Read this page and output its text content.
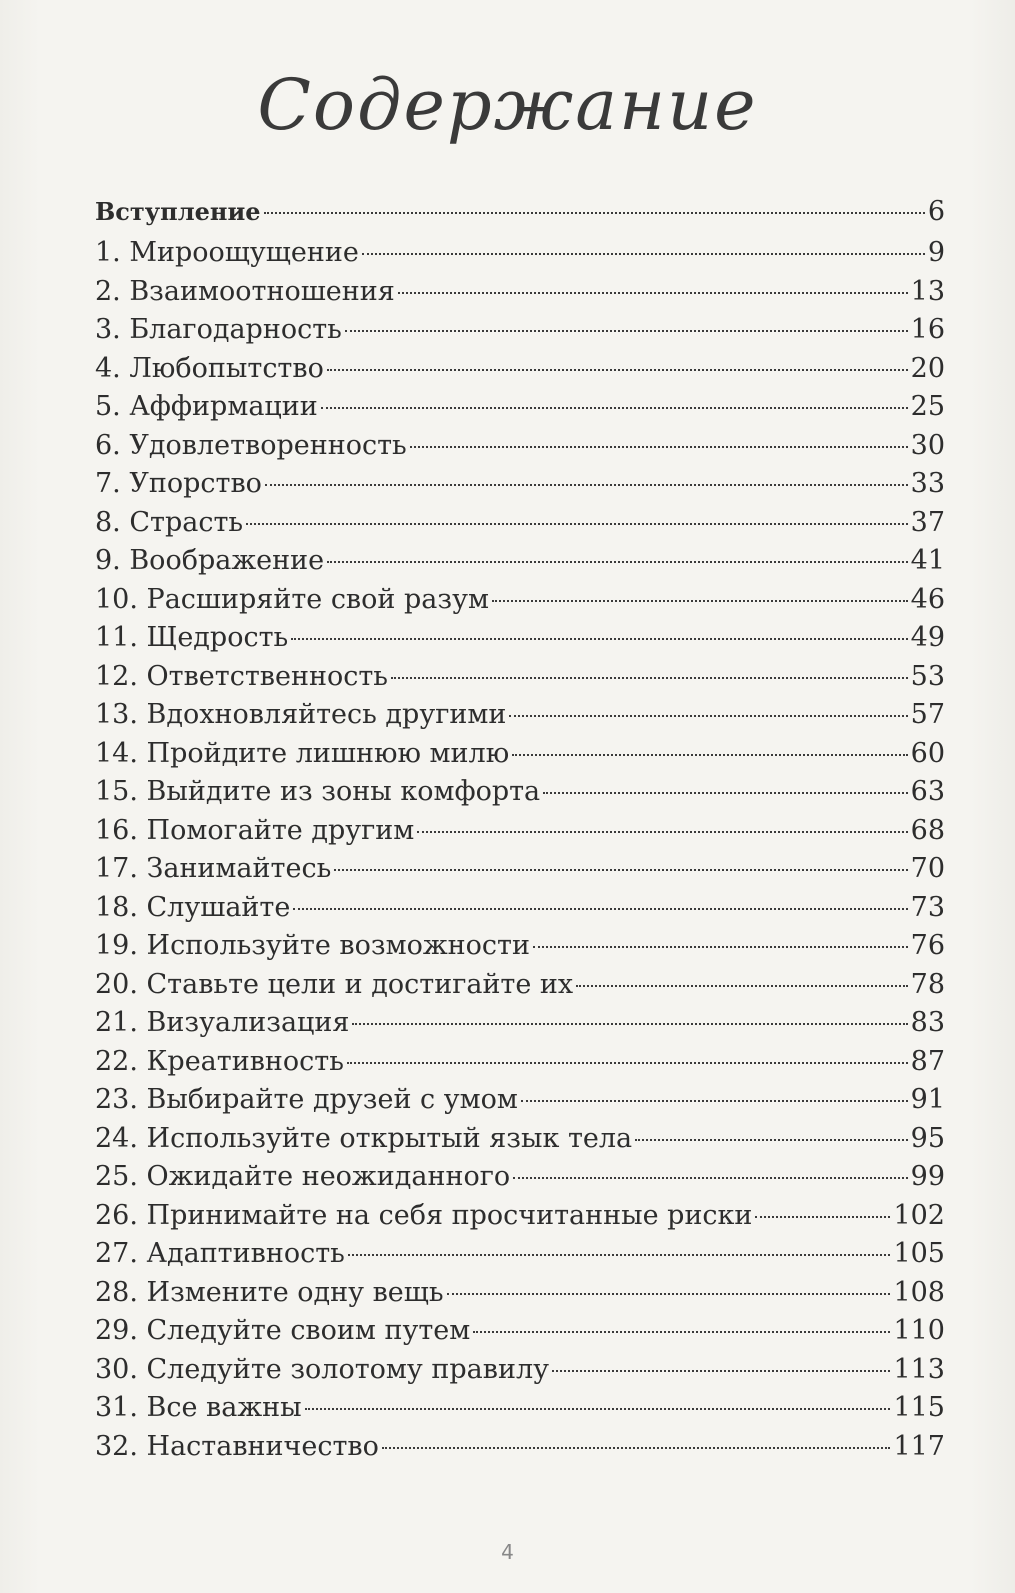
Содержание
Вступление	6
1. Мироощущение	9
2. Взаимоотношения	13
3. Благодарность	16
4. Любопытство	20
5. Аффирмации	25
6. Удовлетворенность	30
7. Упорство	33
8. Страсть	37
9. Воображение	41
10. Расширяйте свой разум	46
11. Щедрость	49
12. Ответственность	53
13. Вдохновляйтесь другими	57
14. Пройдите лишнюю милю	60
15. Выйдите из зоны комфорта	63
16. Помогайте другим	68
17. Занимайтесь	70
18. Слушайте	73
19. Используйте возможности	76
20. Ставьте цели и достигайте их	78
21. Визуализация	83
22. Креативность	87
23. Выбирайте друзей с умом	91
24. Используйте открытый язык тела	95
25. Ожидайте неожиданного	99
26. Принимайте на себя просчитанные риски	102
27. Адаптивность	105
28. Измените одну вещь	108
29. Следуйте своим путем	110
30. Следуйте золотому правилу	113
31. Все важны	115
32. Наставничество	117
4
